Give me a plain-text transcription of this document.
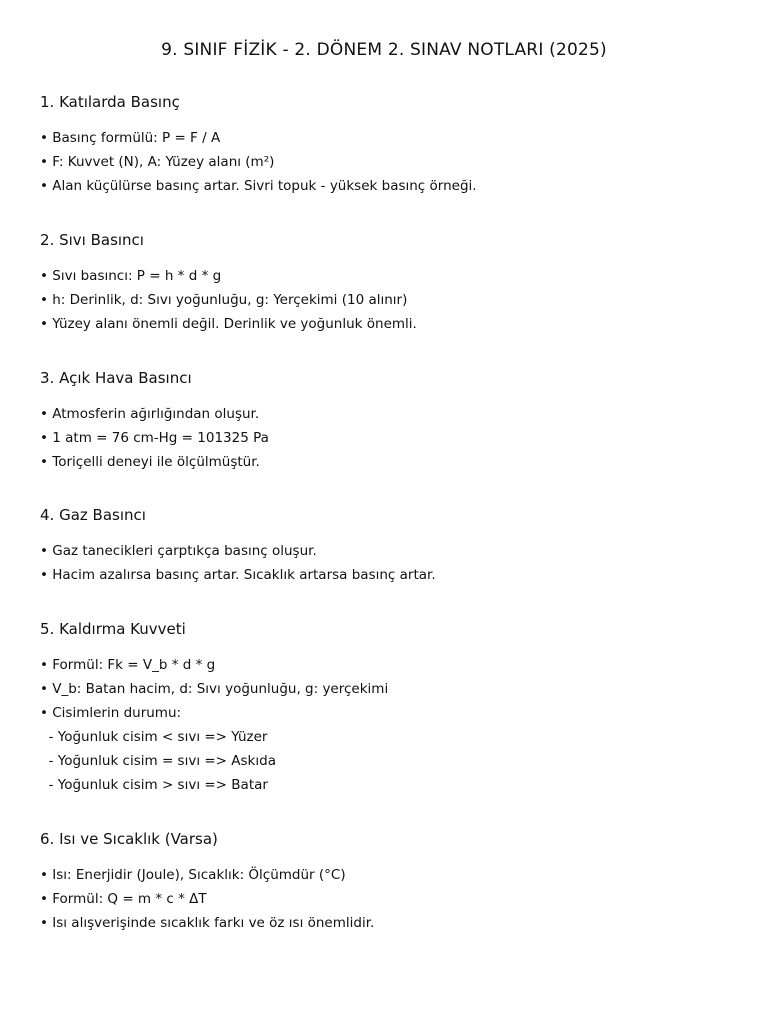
9. SINIF FİZİK - 2. DÖNEM 2. SINAV NOTLARI (2025)
1. Katılarda Basınç
• Basınç formülü: P = F / A
• F: Kuvvet (N), A: Yüzey alanı (m²)
• Alan küçülürse basınç artar. Sivri topuk - yüksek basınç örneği.
2. Sıvı Basıncı
• Sıvı basıncı: P = h * d * g
• h: Derinlik, d: Sıvı yoğunluğu, g: Yerçekimi (10 alınır)
• Yüzey alanı önemli değil. Derinlik ve yoğunluk önemli.
3. Açık Hava Basıncı
• Atmosferin ağırlığından oluşur.
• 1 atm = 76 cm-Hg = 101325 Pa
• Toriçelli deneyi ile ölçülmüştür.
4. Gaz Basıncı
• Gaz tanecikleri çarptıkça basınç oluşur.
• Hacim azalırsa basınç artar. Sıcaklık artarsa basınç artar.
5. Kaldırma Kuvveti
• Formül: Fk = V_b * d * g
• V_b: Batan hacim, d: Sıvı yoğunluğu, g: yerçekimi
• Cisimlerin durumu:
- Yoğunluk cisim < sıvı => Yüzer
- Yoğunluk cisim = sıvı => Askıda
- Yoğunluk cisim > sıvı => Batar
6. Isı ve Sıcaklık (Varsa)
• Isı: Enerjidir (Joule), Sıcaklık: Ölçümdür (°C)
• Formül: Q = m * c * ΔT
• Isı alışverişinde sıcaklık farkı ve öz ısı önemlidir.
